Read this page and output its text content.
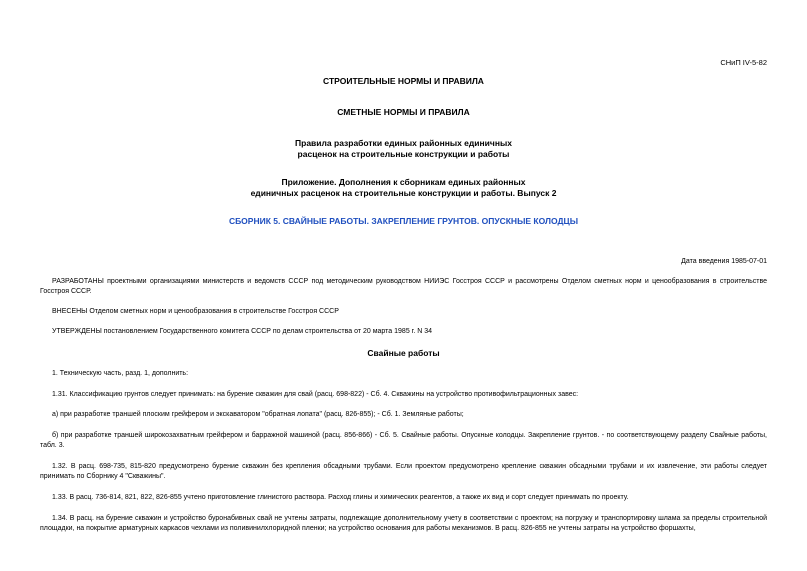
СНиП IV-5-82
СТРОИТЕЛЬНЫЕ НОРМЫ И ПРАВИЛА
СМЕТНЫЕ НОРМЫ И ПРАВИЛА
Правила разработки единых районных единичных
расценок на строительные конструкции и работы
Приложение. Дополнения к сборникам единых районных
единичных расценок на строительные конструкции и работы. Выпуск 2
СБОРНИК 5. СВАЙНЫЕ РАБОТЫ. ЗАКРЕПЛЕНИЕ ГРУНТОВ. ОПУСКНЫЕ КОЛОДЦЫ
Дата введения 1985-07-01
РАЗРАБОТАНЫ проектными организациями министерств и ведомств СССР под методическим руководством НИИЭС Госстроя СССР и рассмотрены Отделом сметных норм и ценообразования в строительстве Госстроя СССР.
ВНЕСЕНЫ Отделом сметных норм и ценообразования в строительстве Госстроя СССР
УТВЕРЖДЕНЫ постановлением Государственного комитета СССР по делам строительства от 20 марта 1985 г. N 34
Свайные работы
1. Техническую часть, разд. 1, дополнить:
1.31. Классификацию грунтов следует принимать: на бурение скважин для свай (расц. 698-822) - Сб. 4. Скважины на устройство противофильтрационных завес:
а) при разработке траншей плоским грейфером и экскаватором "обратная лопата" (расц. 826-855); - Сб. 1. Земляные работы;
б) при разработке траншей широкозахватным грейфером и барражной машиной (расц. 856-866) - Сб. 5. Свайные работы. Опускные колодцы. Закрепление грунтов. - по соответствующему разделу Свайные работы, табл. 3.
1.32. В расц. 698-735, 815-820 предусмотрено бурение скважин без крепления обсадными трубами. Если проектом предусмотрено крепление скважин обсадными трубами и их извлечение, эти работы следует принимать по Сборнику 4 "Скважины".
1.33. В расц. 736-814, 821, 822, 826-855 учтено приготовление глинистого раствора. Расход глины и химических реагентов, а также их вид и сорт следует принимать по проекту.
1.34. В расц. на бурение скважин и устройство буронабивных свай не учтены затраты, подлежащие дополнительному учету в соответствии с проектом; на погрузку и транспортировку шлама за пределы строительной площадки, на покрытие арматурных каркасов чехлами из поливинилхлоридной пленки; на устройство основания для работы механизмов. В расц. 826-855 не учтены затраты на устройство форшахты,
